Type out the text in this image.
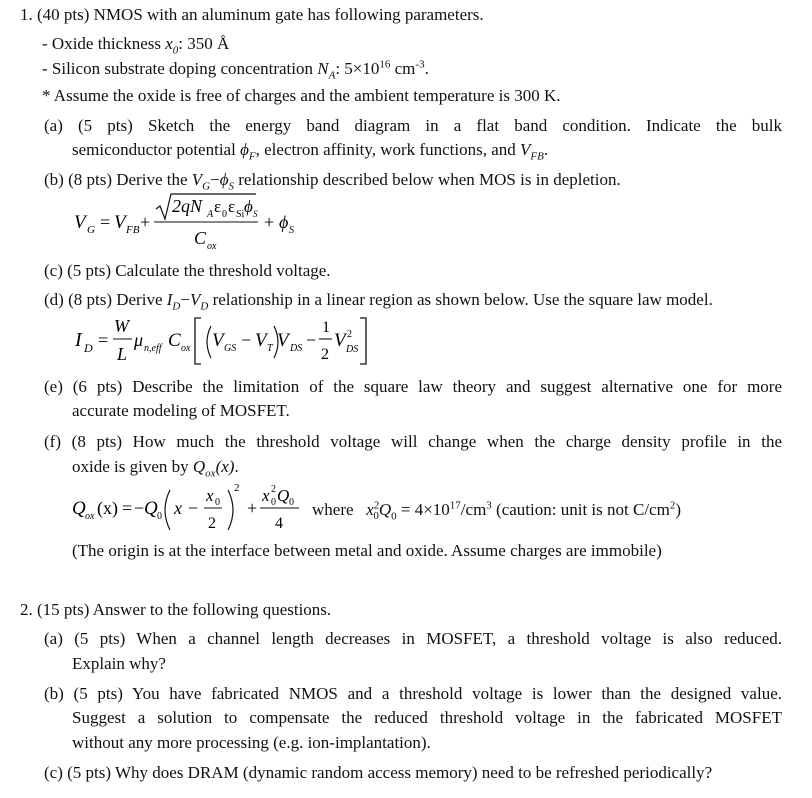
1. (40 pts) NMOS with an aluminum gate has following parameters.
- Oxide thickness $x_0$: 350 Å
- Silicon substrate doping concentration $N_A$: $5\times 10^{16}$ $cm^{-3}$.
* Assume the oxide is free of charges and the ambient temperature is 300 K.
(a) (5 pts) Sketch the energy band diagram in a flat band condition. Indicate the bulk
semiconductor potential $\phi_F$, electron affinity, work functions, and $V_{FB}$.
(b) (8 pts) Derive the $V_G-\phi_S$ relationship described below when MOS is in depletion.
V G = V FB +
2qN A ε 0 ε Si ϕ S
C ox
+ ϕ S
(c) (5 pts) Calculate the threshold voltage.
(d) (8 pts) Derive $I_D-V_D$ relationship in a linear region as shown below. Use the square law model.
I D =
W
L
μ n,eff C ox V GS − V T V DS −
1
2
V 2
DS
(e) (6 pts) Describe the limitation of the square law theory and suggest alternative one for more
accurate modeling of MOSFET.
(f) (8 pts) How much the threshold voltage will change when the charge density profile in the
oxide is given by $Q_{ox}(x)$.
Q ox (x) = − Q 0 x −
x 0
2
2
+
x 2
0 Q 0
4
where $x^2_0Q_0 = 4\times 10^{17}/cm^3$ (caution: unit is not $C/cm^2$)
(The origin is at the interface between metal and oxide. Assume charges are immobile)
2. (15 pts) Answer to the following questions.
(a) (5 pts) When a channel length decreases in MOSFET, a threshold voltage is also reduced.
Explain why?
(b) (5 pts) You have fabricated NMOS and a threshold voltage is lower than the designed value.
Suggest a solution to compensate the reduced threshold voltage in the fabricated MOSFET
without any more processing (e.g. ion-implantation).
(c) (5 pts) Why does DRAM (dynamic random access memory) need to be refreshed periodically?
